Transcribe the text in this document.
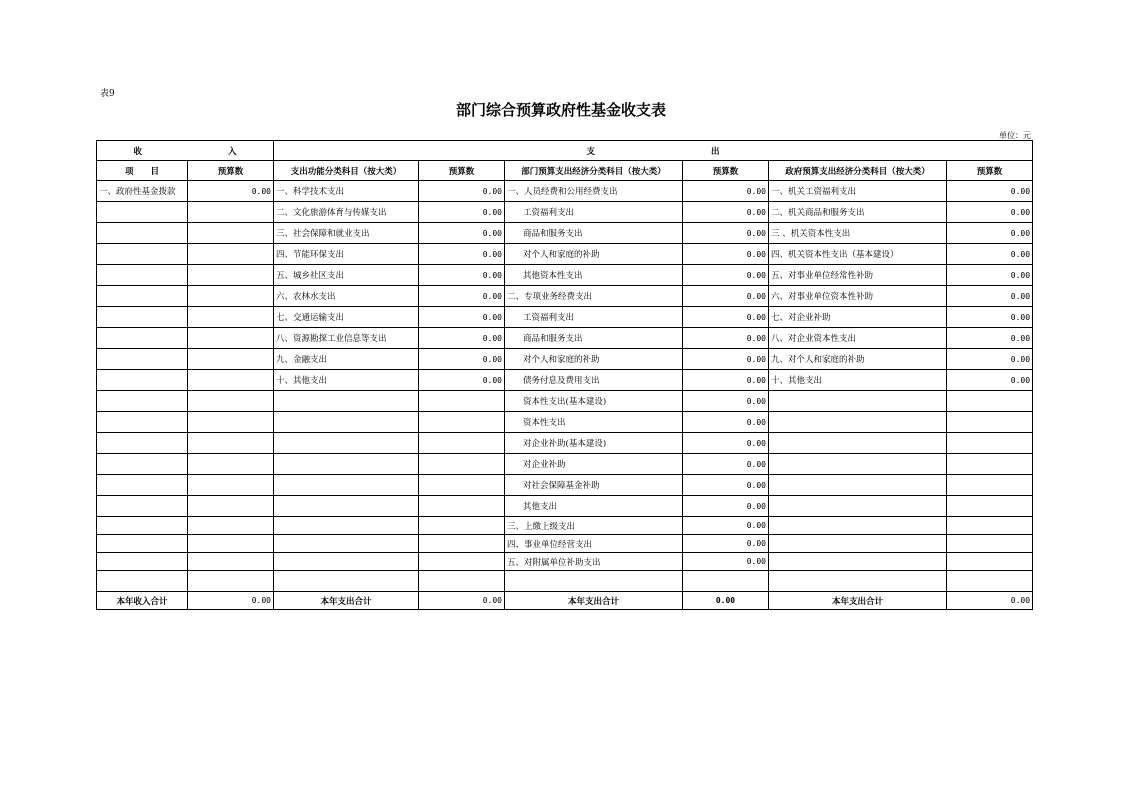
表9
部门综合预算政府性基金收支表
单位：元
收 入		支 出					
项　　目	预算数	支出功能分类科目（按大类）	预算数	部门预算支出经济分类科目（按大类）	预算数	政府预算支出经济分类科目（按大类）	预算数
一、政府性基金拨款	0.00	一、科学技术支出	0.00	一、人员经费和公用经费支出	0.00	一、机关工资福利支出	0.00
		二、文化旅游体育与传媒支出	0.00	工资福利支出	0.00	二、机关商品和服务支出	0.00
		三、社会保障和就业支出	0.00	商品和服务支出	0.00	三 、机关资本性支出	0.00
		四、节能环保支出	0.00	对个人和家庭的补助	0.00	四、机关资本性支出（基本建设）	0.00
		五、城乡社区支出	0.00	其他资本性支出	0.00	五、对事业单位经常性补助	0.00
		六、农林水支出	0.00	二、专项业务经费支出	0.00	六、对事业单位资本性补助	0.00
		七、交通运输支出	0.00	工资福利支出	0.00	七、对企业补助	0.00
		八、资源勘探工业信息等支出	0.00	商品和服务支出	0.00	八、对企业资本性支出	0.00
		九、金融支出	0.00	对个人和家庭的补助	0.00	九、对个人和家庭的补助	0.00
		十、其他支出	0.00	债务付息及费用支出	0.00	十、其他支出	0.00
				资本性支出(基本建设)	0.00		
				资本性支出	0.00		
				对企业补助(基本建设)	0.00		
				对企业补助	0.00		
				对社会保障基金补助	0.00		
				其他支出	0.00		
				三、上缴上级支出	0.00		
				四、事业单位经营支出	0.00		
				五、对附属单位补助支出	0.00		

本年收入合计	0.00	本年支出合计	0.00	本年支出合计	0.00	本年支出合计	0.00
